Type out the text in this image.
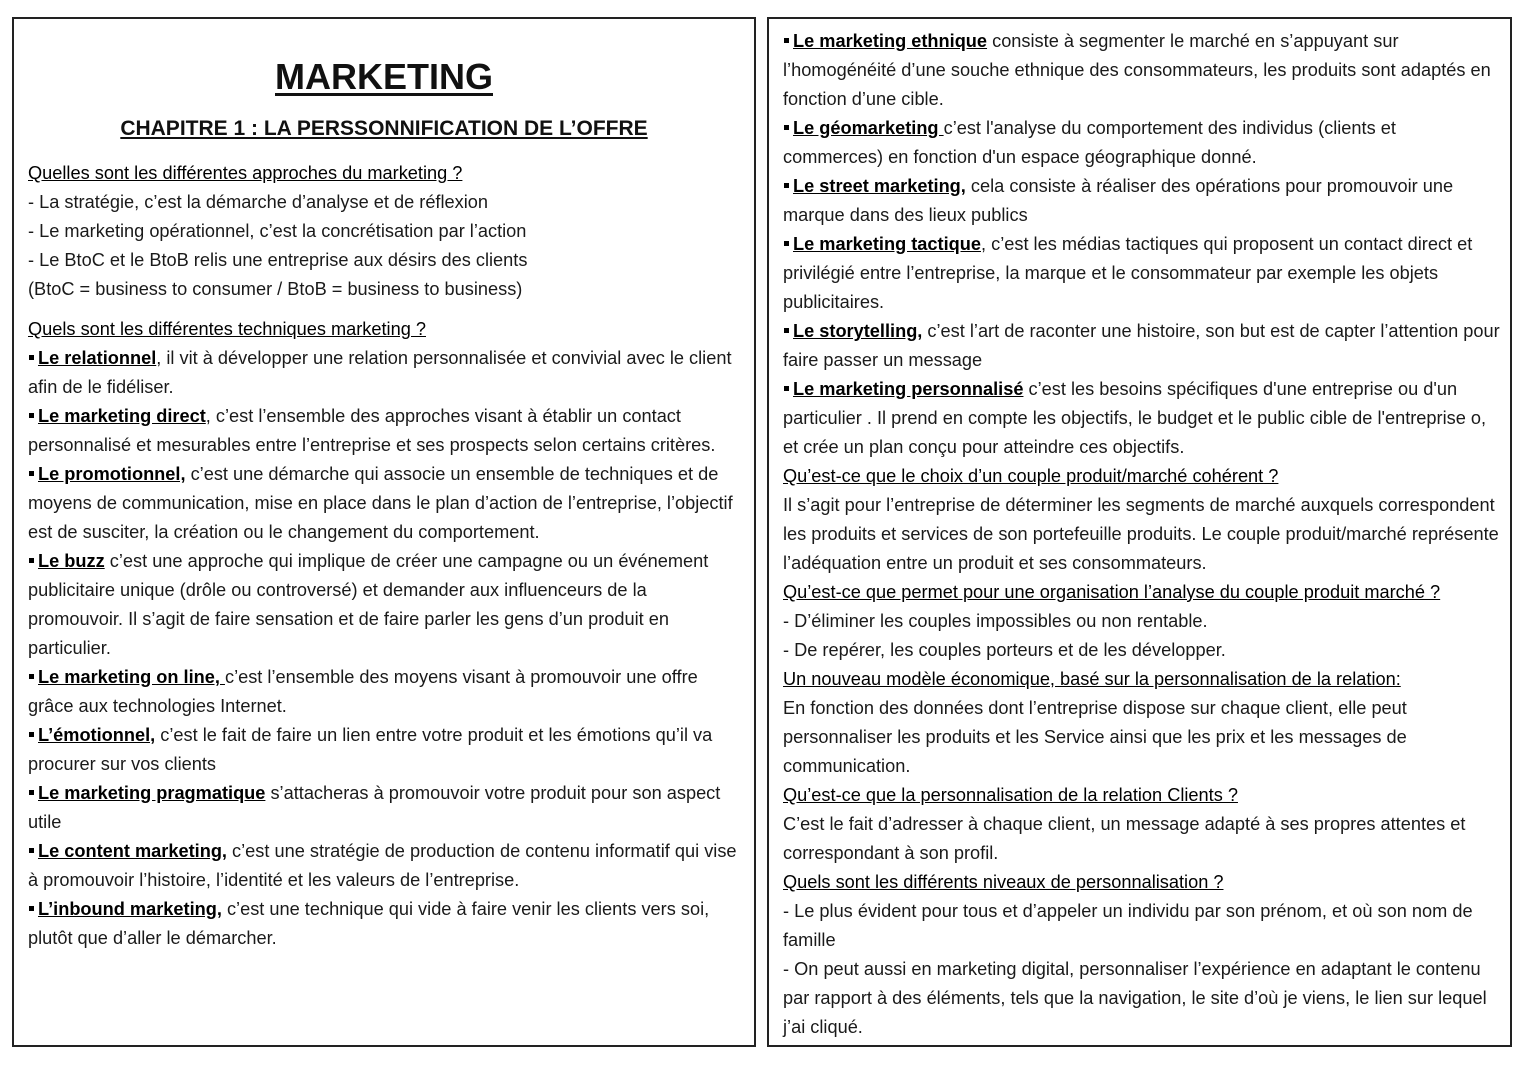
MARKETING

CHAPITRE 1 : LA PERSSONNIFICATION DE L’OFFRE

Quelles sont les différentes approches du marketing ?

- La stratégie, c’est la démarche d’analyse et de réflexion

- Le marketing opérationnel, c’est la concrétisation par l’action

- Le BtoC et le BtoB relis une entreprise aux désirs des clients

(BtoC = business to consumer / BtoB = business to business)

Quels sont les différentes techniques marketing ?

Le relationnel, il vit à développer une relation personnalisée et convivial avec le client afin de le fidéliser.

Le marketing direct, c’est l’ensemble des approches visant à établir un contact personnalisé et mesurables entre l’entreprise et ses prospects selon certains critères.

Le promotionnel, c’est une démarche qui associe un ensemble de techniques et de moyens de communication, mise en place dans le plan d’action de l’entreprise, l’objectif est de susciter, la création ou le changement du comportement.

Le buzz c’est une approche qui implique de créer une campagne ou un événement publicitaire unique (drôle ou controversé) et demander aux influenceurs de la promouvoir. Il s’agit de faire sensation et de faire parler les gens d’un produit en particulier.

Le marketing on line, c’est l’ensemble des moyens visant à promouvoir une offre grâce aux technologies Internet.

L’émotionnel, c’est le fait de faire un lien entre votre produit et les émotions qu’il va procurer sur vos clients

Le marketing pragmatique s’attacheras à promouvoir votre produit pour son aspect utile

Le content marketing, c’est une stratégie de production de contenu informatif qui vise à promouvoir l’histoire, l’identité et les valeurs de l’entreprise.

L’inbound marketing, c’est une technique qui vide à faire venir les clients vers soi, plutôt que d’aller le démarcher.

Le marketing ethnique consiste à segmenter le marché en s’appuyant sur l’homogénéité d’une souche ethnique des consommateurs, les produits sont adaptés en fonction d’une cible.

Le géomarketing c’est l'analyse du comportement des individus (clients et commerces) en fonction d'un espace géographique donné.

Le street marketing, cela consiste à réaliser des opérations pour promouvoir une marque dans des lieux publics

Le marketing tactique, c’est les médias tactiques qui proposent un contact direct et privilégié entre l’entreprise, la marque et le consommateur par exemple les objets publicitaires.

Le storytelling, c’est l’art de raconter une histoire, son but est de capter l’attention pour faire passer un message

Le marketing personnalisé c’est les besoins spécifiques d'une entreprise ou d'un particulier . Il prend en compte les objectifs, le budget et le public cible de l'entreprise o, et crée un plan conçu pour atteindre ces objectifs.

Qu’est-ce que le choix d’un couple produit/marché cohérent ?

Il s’agit pour l’entreprise de déterminer les segments de marché auxquels correspondent les produits et services de son portefeuille produits. Le couple produit/marché représente l’adéquation entre un produit et ses consommateurs.

Qu’est-ce que permet pour une organisation l’analyse du couple produit marché ?

- D’éliminer les couples impossibles ou non rentable.

- De repérer, les couples porteurs et de les développer.

Un nouveau modèle économique, basé sur la personnalisation de la relation:

En fonction des données dont l’entreprise dispose sur chaque client, elle peut personnaliser les produits et les Service ainsi que les prix et les messages de communication.

Qu’est-ce que la personnalisation de la relation Clients ?

C’est le fait d’adresser à chaque client, un message adapté à ses propres attentes et correspondant à son profil.

Quels sont les différents niveaux de personnalisation ?

- Le plus évident pour tous et d’appeler un individu par son prénom, et où son nom de famille

- On peut aussi en marketing digital, personnaliser l’expérience en adaptant le contenu par rapport à des éléments, tels que la navigation, le site d’où je viens, le lien sur lequel j’ai cliqué.
